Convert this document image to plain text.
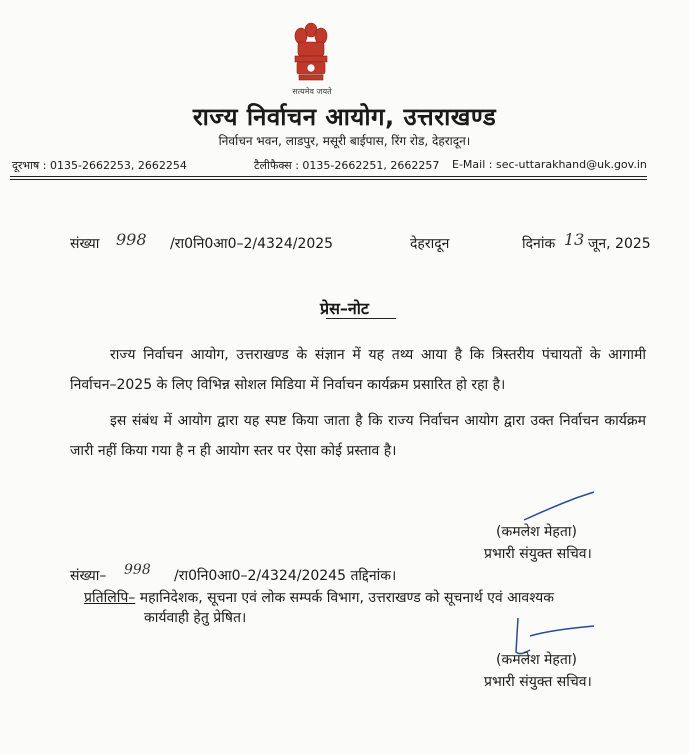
सत्यमेव जयते
राज्य निर्वाचन आयोग, उत्तराखण्ड
निर्वाचन भवन, लाडपुर, मसूरी बाईपास, रिंग रोड, देहरादून।
दूरभाष : 0135-2662253, 2662254	टैलीफैक्स : 0135-2662251, 2662257 E-Mail : sec-uttarakhand@uk.gov.in
संख्या 998 /रा0नि0आ0–2/4324/2025	देहरादून	दिनांक 13 जून, 2025
प्रेस–नोट
राज्य निर्वाचन आयोग, उत्तराखण्ड के संज्ञान में यह तथ्य आया है कि त्रिस्तरीय पंचायतों के आगामी निर्वाचन–2025 के लिए विभिन्न सोशल मिडिया में निर्वाचन कार्यक्रम प्रसारित हो रहा है।
इस संबंध में आयोग द्वारा यह स्पष्ट किया जाता है कि राज्य निर्वाचन आयोग द्वारा उक्त निर्वाचन कार्यक्रम जारी नहीं किया गया है न ही आयोग स्तर पर ऐसा कोई प्रस्ताव है।
(कमलेश मेहता)
प्रभारी संयुक्त सचिव।
संख्या– 998 /रा0नि0आ0–2/4324/20245 तद्दिनांक।
प्रतिलिपि– महानिदेशक, सूचना एवं लोक सम्पर्क विभाग, उत्तराखण्ड को सूचनार्थ एवं आवश्यक
कार्यवाही हेतु प्रेषित।
(कमलेश मेहता)
प्रभारी संयुक्त सचिव।
